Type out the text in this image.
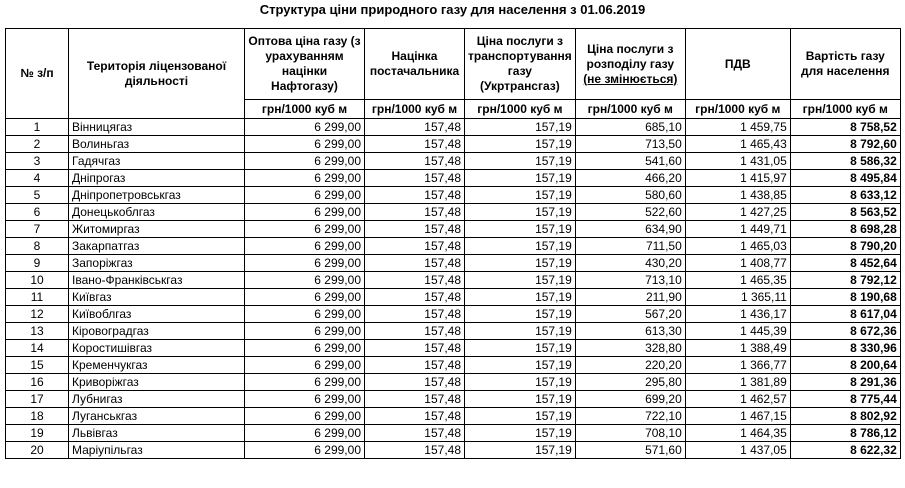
Структура ціни природного газу для населення з 01.06.2019
№ з/п	Територія ліцензованої діяльності	Оптова ціна газу (з урахуванням націнки Нафтогазу)	Націнка постачальника	Ціна послуги з транспортування газу (Укртрансгаз)	Ціна послуги з розподілу газу (не змінюється)	ПДВ	Вартість газу для населення
		грн/1000 куб м	грн/1000 куб м	грн/1000 куб м	грн/1000 куб м	грн/1000 куб м	грн/1000 куб м
1	Вінницягаз	6 299,00	157,48	157,19	685,10	1 459,75	8 758,52
2	Волиньгаз	6 299,00	157,48	157,19	713,50	1 465,43	8 792,60
3	Гадячгаз	6 299,00	157,48	157,19	541,60	1 431,05	8 586,32
4	Дніпрогаз	6 299,00	157,48	157,19	466,20	1 415,97	8 495,84
5	Дніпропетровськгаз	6 299,00	157,48	157,19	580,60	1 438,85	8 633,12
6	Донецькоблгаз	6 299,00	157,48	157,19	522,60	1 427,25	8 563,52
7	Житомиргаз	6 299,00	157,48	157,19	634,90	1 449,71	8 698,28
8	Закарпатгаз	6 299,00	157,48	157,19	711,50	1 465,03	8 790,20
9	Запоріжгаз	6 299,00	157,48	157,19	430,20	1 408,77	8 452,64
10	Івано-Франківськгаз	6 299,00	157,48	157,19	713,10	1 465,35	8 792,12
11	Київгаз	6 299,00	157,48	157,19	211,90	1 365,11	8 190,68
12	Київоблгаз	6 299,00	157,48	157,19	567,20	1 436,17	8 617,04
13	Кіровоградгаз	6 299,00	157,48	157,19	613,30	1 445,39	8 672,36
14	Коростишівгаз	6 299,00	157,48	157,19	328,80	1 388,49	8 330,96
15	Кременчукгаз	6 299,00	157,48	157,19	220,20	1 366,77	8 200,64
16	Криворіжгаз	6 299,00	157,48	157,19	295,80	1 381,89	8 291,36
17	Лубнигаз	6 299,00	157,48	157,19	699,20	1 462,57	8 775,44
18	Луганськгаз	6 299,00	157,48	157,19	722,10	1 467,15	8 802,92
19	Львівгаз	6 299,00	157,48	157,19	708,10	1 464,35	8 786,12
20	Маріупільгаз	6 299,00	157,48	157,19	571,60	1 437,05	8 622,32
